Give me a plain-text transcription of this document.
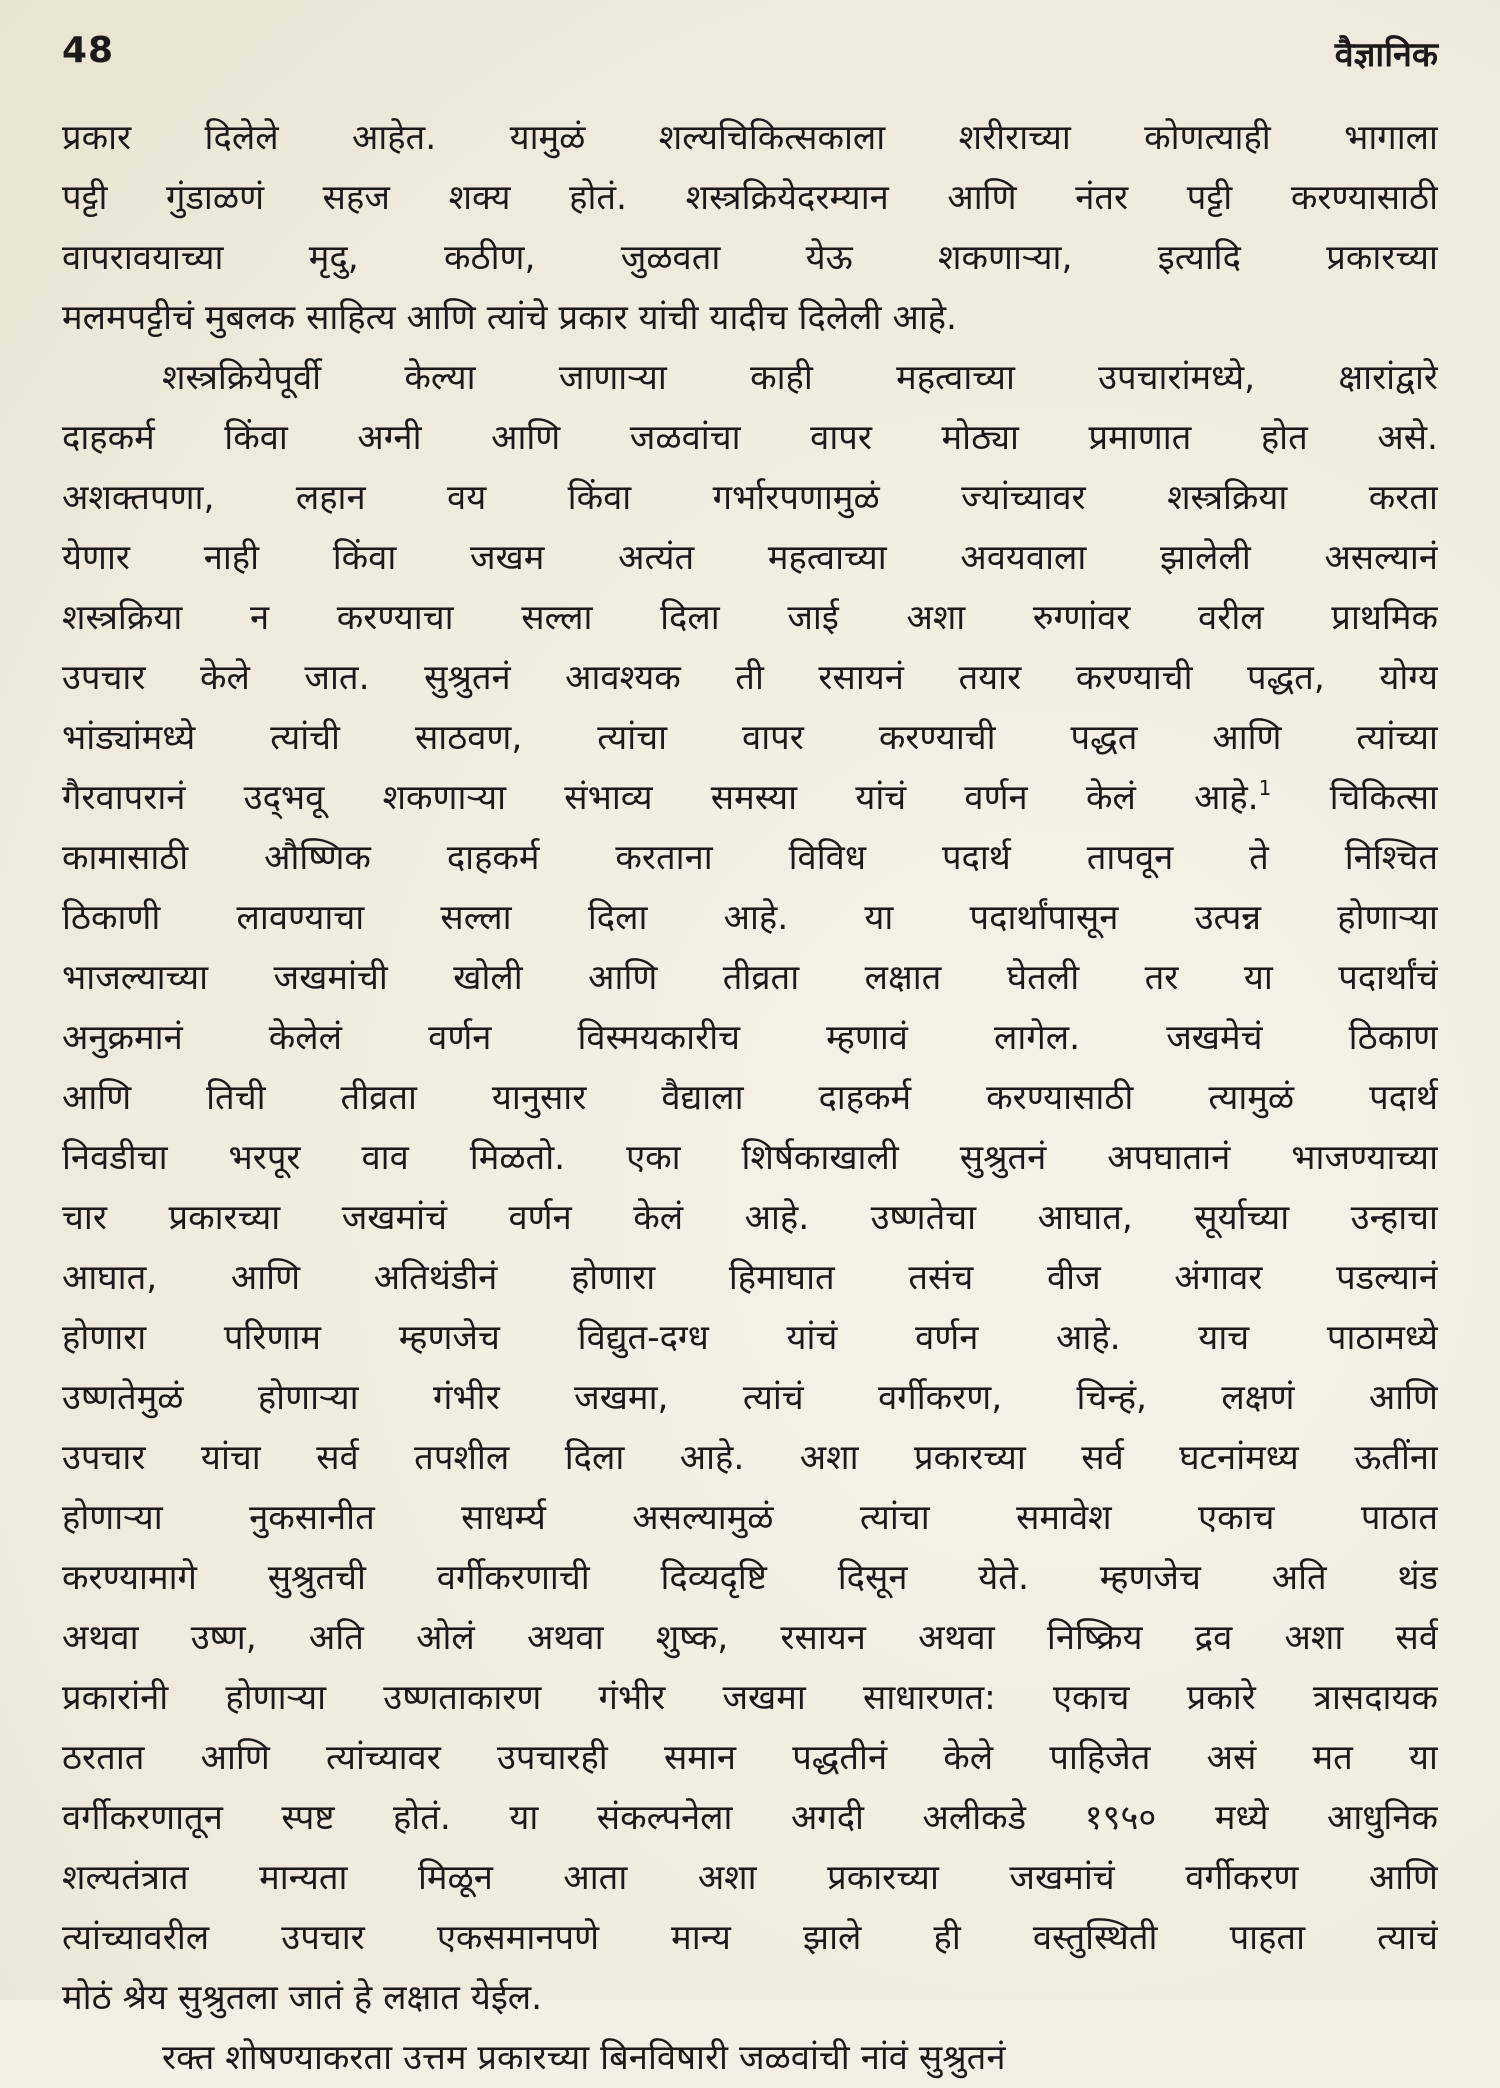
48	वैज्ञानिक
प्रकार दिलेले आहेत. यामुळं शल्यचिकित्सकाला शरीराच्या कोणत्याही भागाला
पट्टी गुंडाळणं सहज शक्य होतं. शस्त्रक्रियेदरम्यान आणि नंतर पट्टी करण्यासाठी
वापरावयाच्या मृदु, कठीण, जुळवता येऊ शकणाऱ्या, इत्यादि प्रकारच्या
मलमपट्टीचं मुबलक साहित्य आणि त्यांचे प्रकार यांची यादीच दिलेली आहे.
शस्त्रक्रियेपूर्वी केल्या जाणाऱ्या काही महत्वाच्या उपचारांमध्ये, क्षारांद्वारे
दाहकर्म किंवा अग्नी आणि जळवांचा वापर मोठ्या प्रमाणात होत असे.
अशक्तपणा, लहान वय किंवा गर्भारपणामुळं ज्यांच्यावर शस्त्रक्रिया करता
येणार नाही किंवा जखम अत्यंत महत्वाच्या अवयवाला झालेली असल्यानं
शस्त्रक्रिया न करण्याचा सल्ला दिला जाई अशा रुग्णांवर वरील प्राथमिक
उपचार केले जात. सुश्रुतनं आवश्यक ती रसायनं तयार करण्याची पद्धत, योग्य
भांड्यांमध्ये त्यांची साठवण, त्यांचा वापर करण्याची पद्धत आणि त्यांच्या
गैरवापरानं उद्‌भवू शकणाऱ्या संभाव्य समस्या यांचं वर्णन केलं आहे.$^1$ चिकित्सा
कामासाठी औष्णिक दाहकर्म करताना विविध पदार्थ तापवून ते निश्चित
ठिकाणी लावण्याचा सल्ला दिला आहे. या पदार्थांपासून उत्पन्न होणाऱ्या
भाजल्याच्या जखमांची खोली आणि तीव्रता लक्षात घेतली तर या पदार्थांचं
अनुक्रमानं केलेलं वर्णन विस्मयकारीच म्हणावं लागेल. जखमेचं ठिकाण
आणि तिची तीव्रता यानुसार वैद्याला दाहकर्म करण्यासाठी त्यामुळं पदार्थ
निवडीचा भरपूर वाव मिळतो. एका शिर्षकाखाली सुश्रुतनं अपघातानं भाजण्याच्या
चार प्रकारच्या जखमांचं वर्णन केलं आहे. उष्णतेचा आघात, सूर्याच्या उन्हाचा
आघात, आणि अतिथंडीनं होणारा हिमाघात तसंच वीज अंगावर पडल्यानं
होणारा परिणाम म्हणजेच विद्युत-दग्ध यांचं वर्णन आहे. याच पाठामध्ये
उष्णतेमुळं होणाऱ्या गंभीर जखमा, त्यांचं वर्गीकरण, चिन्हं, लक्षणं आणि
उपचार यांचा सर्व तपशील दिला आहे. अशा प्रकारच्या सर्व घटनांमध्य ऊतींना
होणाऱ्या नुकसानीत साधर्म्य असल्यामुळं त्यांचा समावेश एकाच पाठात
करण्यामागे सुश्रुतची वर्गीकरणाची दिव्यदृष्टि दिसून येते. म्हणजेच अति थंड
अथवा उष्ण, अति ओलं अथवा शुष्क, रसायन अथवा निष्क्रिय द्रव अशा सर्व
प्रकारांनी होणाऱ्या उष्णताकारण गंभीर जखमा साधारणत: एकाच प्रकारे त्रासदायक
ठरतात आणि त्यांच्यावर उपचारही समान पद्धतीनं केले पाहिजेत असं मत या
वर्गीकरणातून स्पष्ट होतं. या संकल्पनेला अगदी अलीकडे १९५० मध्ये आधुनिक
शल्यतंत्रात मान्यता मिळून आता अशा प्रकारच्या जखमांचं वर्गीकरण आणि
त्यांच्यावरील उपचार एकसमानपणे मान्य झाले ही वस्तुस्थिती पाहता त्याचं
मोठं श्रेय सुश्रुतला जातं हे लक्षात येईल.
रक्त शोषण्याकरता उत्तम प्रकारच्या बिनविषारी जळवांची नांवं सुश्रुतनं
